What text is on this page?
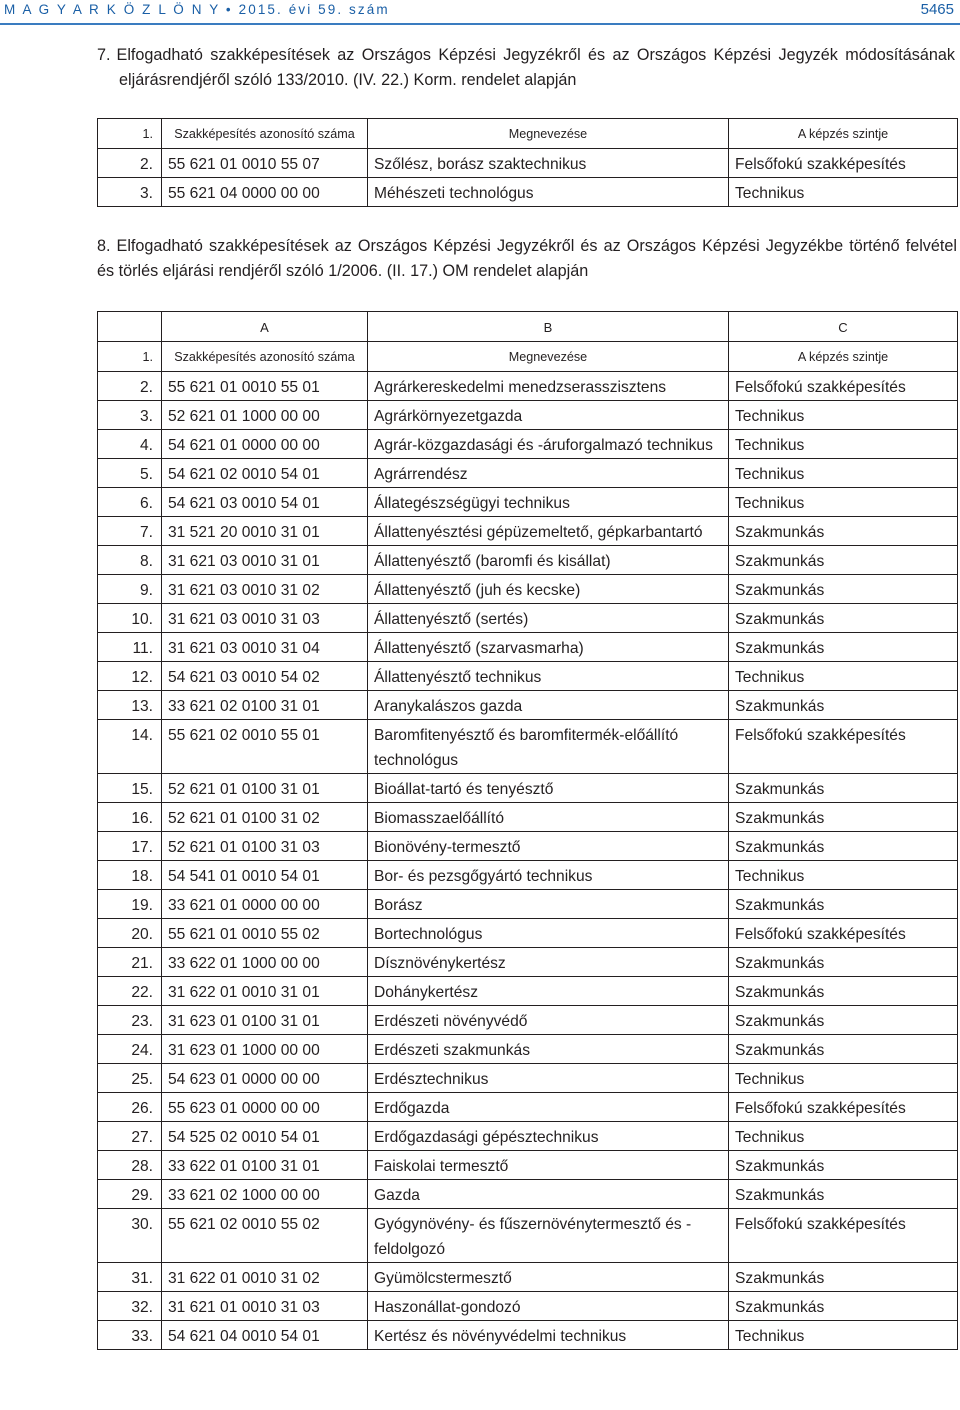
M A G Y A R K Ö Z L Ö N Y • 2015. évi 59. szám	5465
7. Elfogadható szakképesítések az Országos Képzési Jegyzékről és az Országos Képzési Jegyzék módosításának eljárásrendjéről szóló 133/2010. (IV. 22.) Korm. rendelet alapján
1.	Szakképesítés azonosító száma	Megnevezése	A képzés szintje
2.	55 621 01 0010 55 07	Szőlész, borász szaktechnikus	Felsőfokú szakképesítés
3.	55 621 04 0000 00 00	Méhészeti technológus	Technikus
8. Elfogadható szakképesítések az Országos Képzési Jegyzékről és az Országos Képzési Jegyzékbe történő felvétel és törlés eljárási rendjéről szóló 1/2006. (II. 17.) OM rendelet alapján
	A	B	C
1.	Szakképesítés azonosító száma	Megnevezése	A képzés szintje
2.	55 621 01 0010 55 01	Agrárkereskedelmi menedzserasszisztens	Felsőfokú szakképesítés
3.	52 621 01 1000 00 00	Agrárkörnyezetgazda	Technikus
4.	54 621 01 0000 00 00	Agrár-közgazdasági és -áruforgalmazó technikus	Technikus
5.	54 621 02 0010 54 01	Agrárrendész	Technikus
6.	54 621 03 0010 54 01	Állategészségügyi technikus	Technikus
7.	31 521 20 0010 31 01	Állattenyésztési gépüzemeltető, gépkarbantartó	Szakmunkás
8.	31 621 03 0010 31 01	Állattenyésztő (baromfi és kisállat)	Szakmunkás
9.	31 621 03 0010 31 02	Állattenyésztő (juh és kecske)	Szakmunkás
10.	31 621 03 0010 31 03	Állattenyésztő (sertés)	Szakmunkás
11.	31 621 03 0010 31 04	Állattenyésztő (szarvasmarha)	Szakmunkás
12.	54 621 03 0010 54 02	Állattenyésztő technikus	Technikus
13.	33 621 02 0100 31 01	Aranykalászos gazda	Szakmunkás
14.	55 621 02 0010 55 01	Baromfitenyésztő és baromfitermék-előállító technológus	Felsőfokú szakképesítés
15.	52 621 01 0100 31 01	Bioállat-tartó és tenyésztő	Szakmunkás
16.	52 621 01 0100 31 02	Biomasszaelőállító	Szakmunkás
17.	52 621 01 0100 31 03	Bionövény-termesztő	Szakmunkás
18.	54 541 01 0010 54 01	Bor- és pezsgőgyártó technikus	Technikus
19.	33 621 01 0000 00 00	Borász	Szakmunkás
20.	55 621 01 0010 55 02	Bortechnológus	Felsőfokú szakképesítés
21.	33 622 01 1000 00 00	Dísznövénykertész	Szakmunkás
22.	31 622 01 0010 31 01	Dohánykertész	Szakmunkás
23.	31 623 01 0100 31 01	Erdészeti növényvédő	Szakmunkás
24.	31 623 01 1000 00 00	Erdészeti szakmunkás	Szakmunkás
25.	54 623 01 0000 00 00	Erdésztechnikus	Technikus
26.	55 623 01 0000 00 00	Erdőgazda	Felsőfokú szakképesítés
27.	54 525 02 0010 54 01	Erdőgazdasági gépésztechnikus	Technikus
28.	33 622 01 0100 31 01	Faiskolai termesztő	Szakmunkás
29.	33 621 02 1000 00 00	Gazda	Szakmunkás
30.	55 621 02 0010 55 02	Gyógynövény- és fűszernövénytermesztő és -feldolgozó	Felsőfokú szakképesítés
31.	31 622 01 0010 31 02	Gyümölcstermesztő	Szakmunkás
32.	31 621 01 0010 31 03	Haszonállat-gondozó	Szakmunkás
33.	54 621 04 0010 54 01	Kertész és növényvédelmi technikus	Technikus
